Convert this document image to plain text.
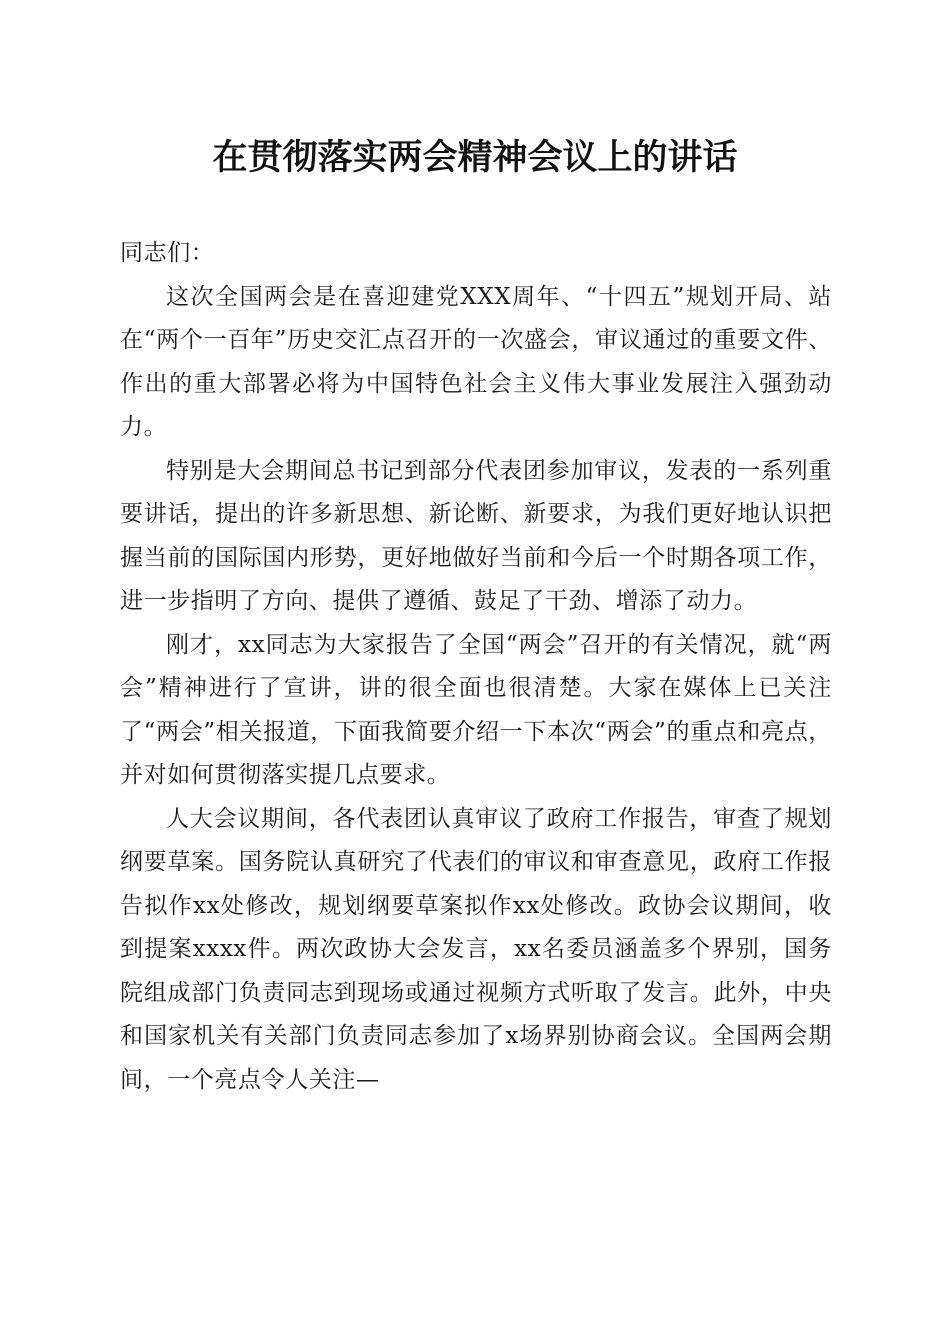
在贯彻落实两会精神会议上的讲话

同志们：

这次全国两会是在喜迎建党XXX周年、“十四五”规划开局、站在“两个一百年”历史交汇点召开的一次盛会，审议通过的重要文件、作出的重大部署必将为中国特色社会主义伟大事业发展注入强劲动力。

特别是大会期间总书记到部分代表团参加审议，发表的一系列重要讲话，提出的许多新思想、新论断、新要求，为我们更好地认识把握当前的国际国内形势，更好地做好当前和今后一个时期各项工作，进一步指明了方向、提供了遵循、鼓足了干劲、增添了动力。

刚才，xx同志为大家报告了全国“两会”召开的有关情况，就“两会”精神进行了宣讲，讲的很全面也很清楚。大家在媒体上已关注了“两会”相关报道，下面我简要介绍一下本次“两会”的重点和亮点，并对如何贯彻落实提几点要求。

人大会议期间，各代表团认真审议了政府工作报告，审查了规划纲要草案。国务院认真研究了代表们的审议和审查意见，政府工作报告拟作xx处修改，规划纲要草案拟作xx处修改。政协会议期间，收到提案xxxx件。两次政协大会发言，xx名委员涵盖多个界别，国务院组成部门负责同志到现场或通过视频方式听取了发言。此外，中央和国家机关有关部门负责同志参加了x场界别协商会议。全国两会期间，一个亮点令人关注—
